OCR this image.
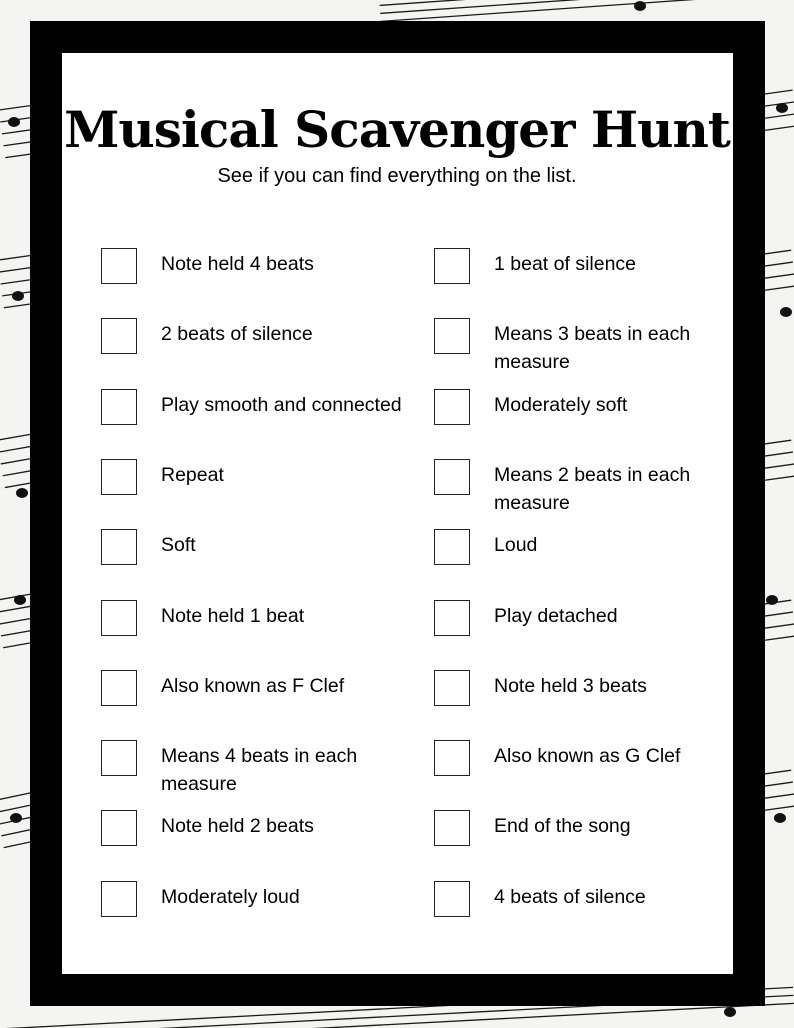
Musical Scavenger Hunt
See if you can find everything on the list.
Note held 4 beats
2 beats of silence
Play smooth and connected
Repeat
Soft
Note held 1 beat
Also known as F Clef
Means 4 beats in each measure
Note held 2 beats
Moderately loud
1 beat of silence
Means 3 beats in each measure
Moderately soft
Means 2 beats in each measure
Loud
Play detached
Note held 3 beats
Also known as G Clef
End of the song
4 beats of silence
